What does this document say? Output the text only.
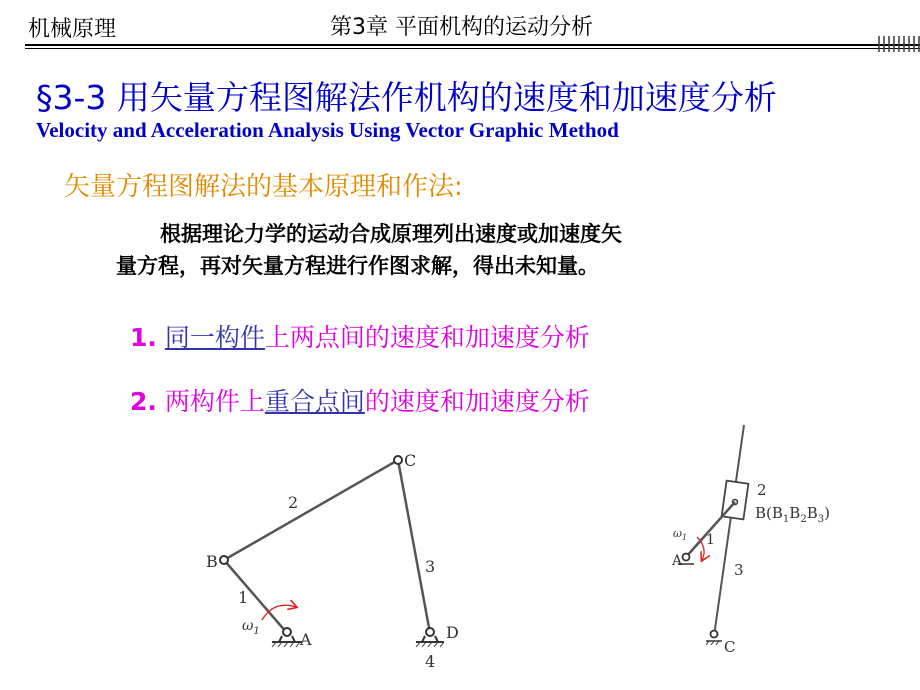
机械原理	第3章 平面机构的运动分析
§3-3 用矢量方程图解法作机构的速度和加速度分析
Velocity and Acceleration Analysis Using Vector Graphic Method
矢量方程图解法的基本原理和作法:
根据理论力学的运动合成原理列出速度或加速度矢
量方程，再对矢量方程进行作图求解，得出未知量。
1. 同一构件上两点间的速度和加速度分析
2. 两构件上重合点间的速度和加速度分析
B
C
A	D
1
2
3
4
$\omega_1$
A
C
2
3
1
$\omega_1$
$B(B_1B_2B_3)$
